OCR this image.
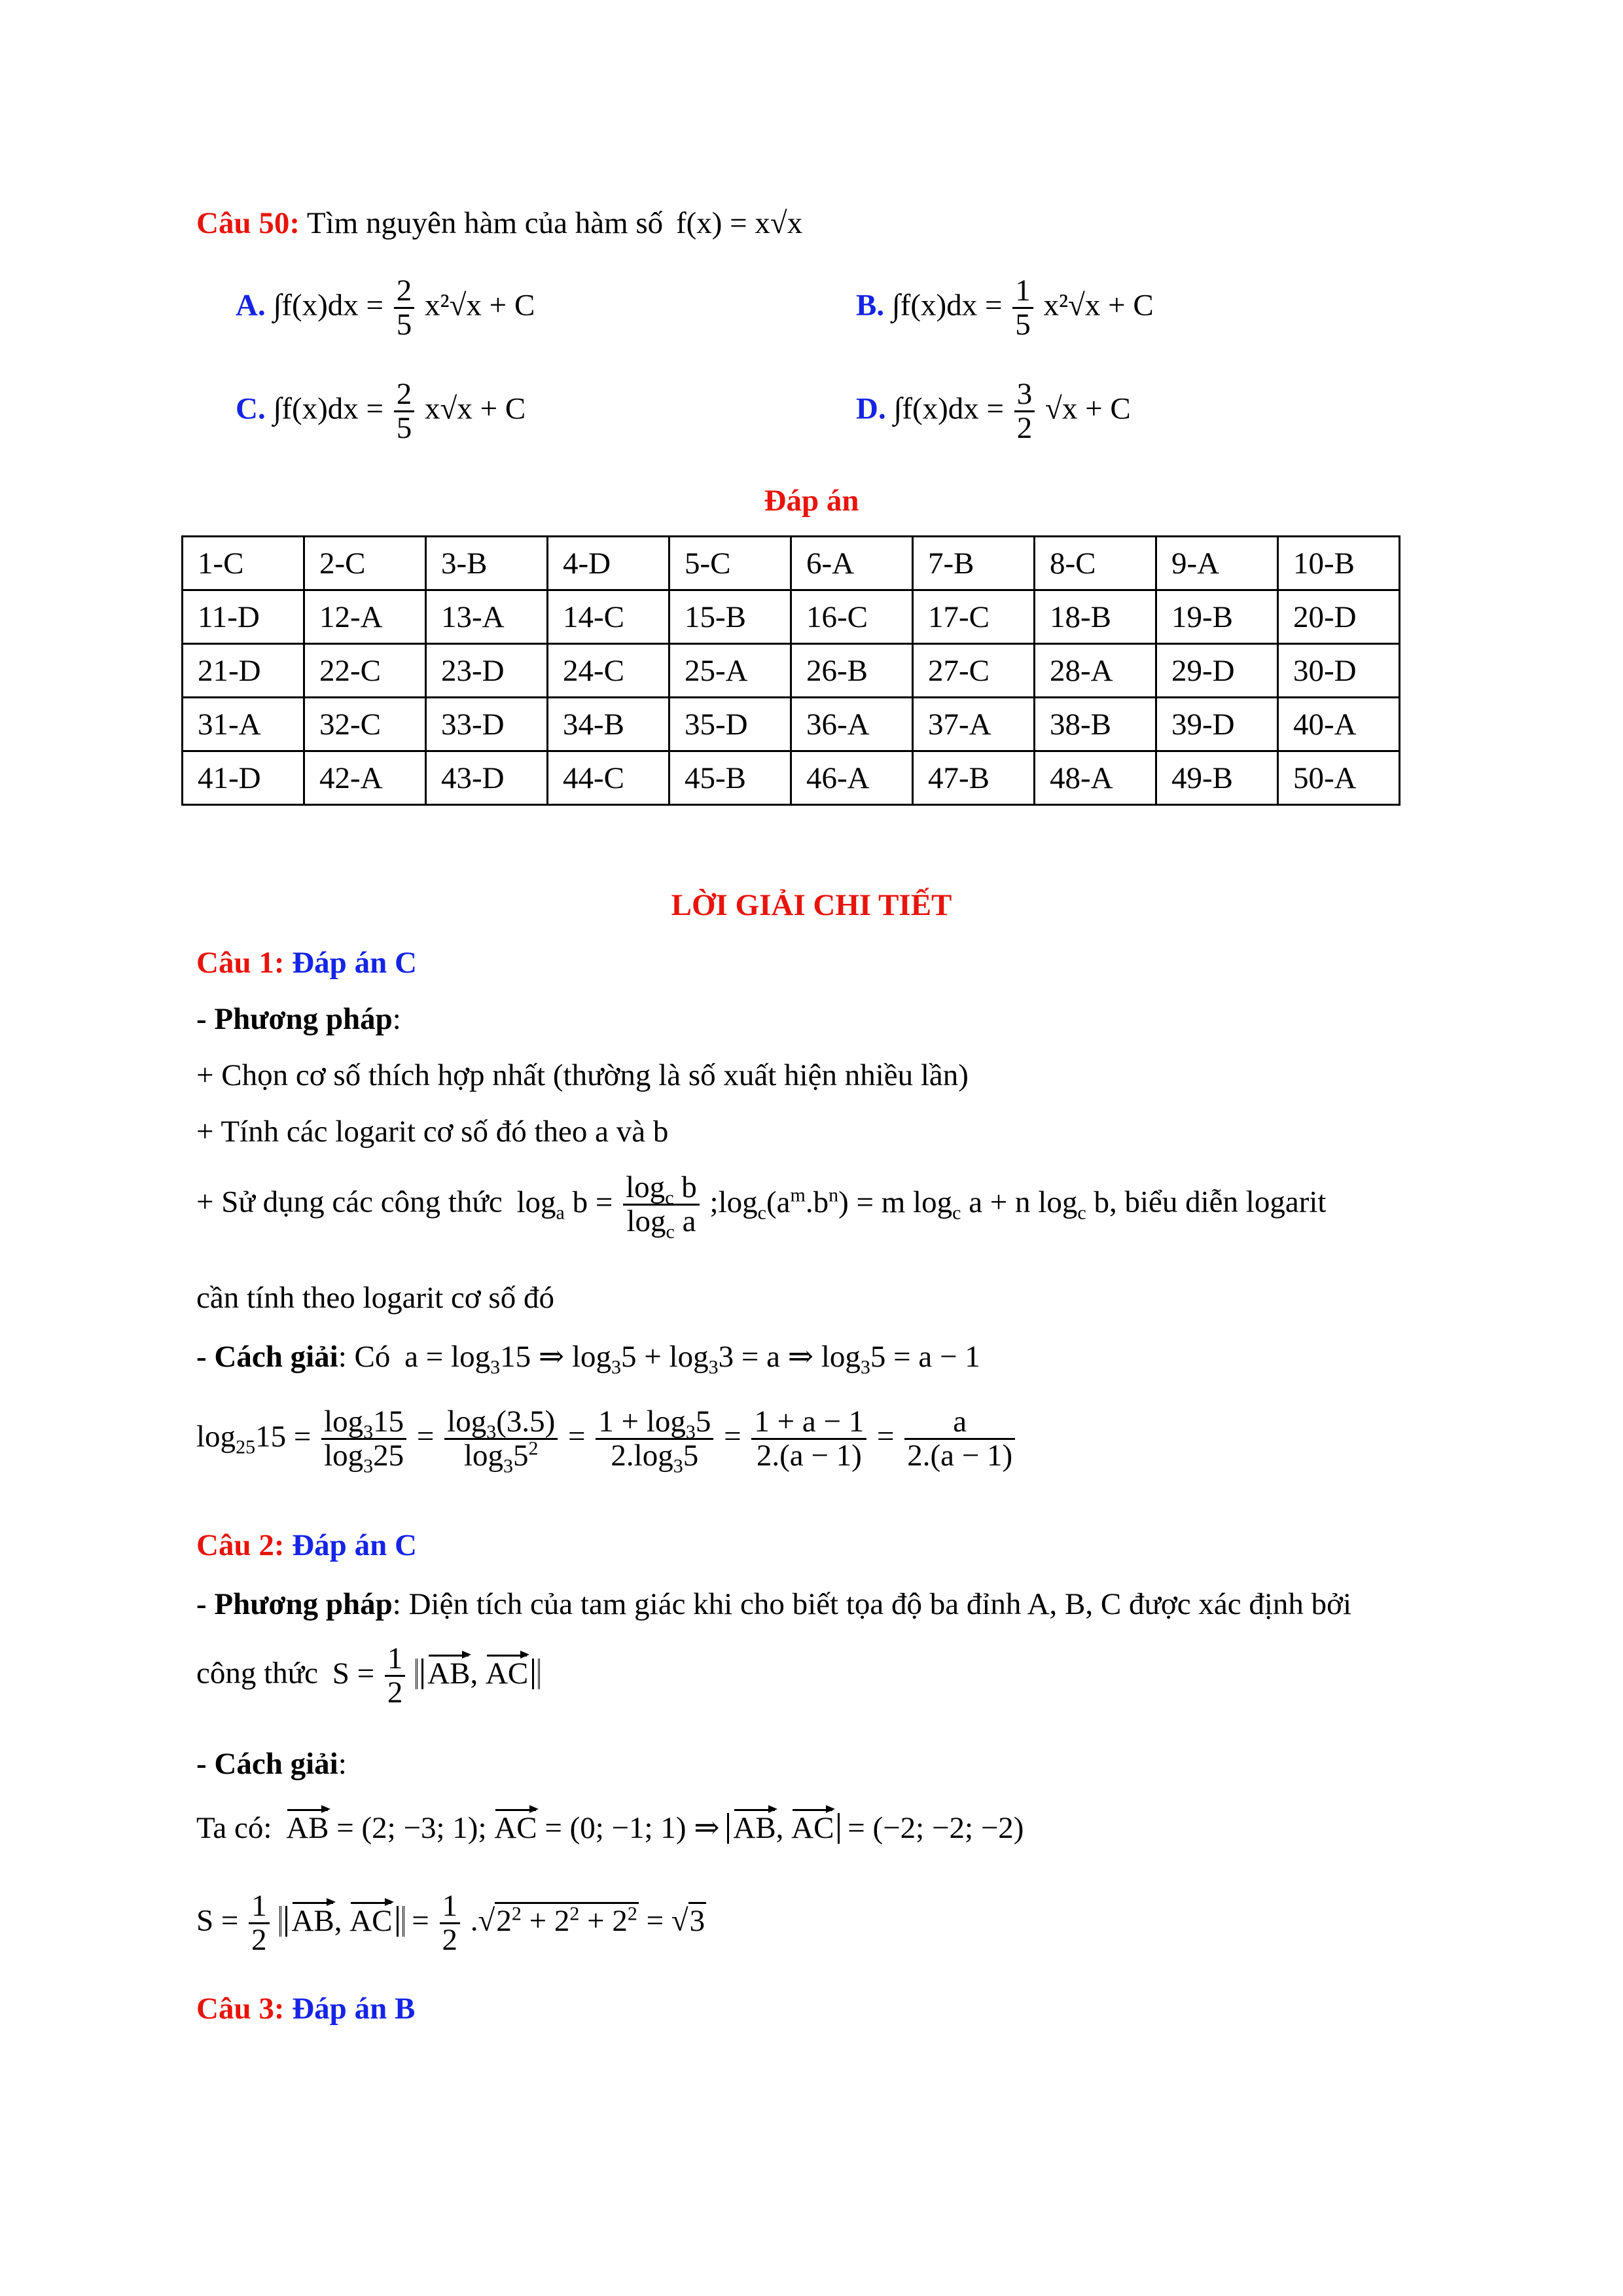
Câu 50: Tìm nguyên hàm của hàm số f(x) = x√x
A. $\int f(x)dx = \frac{2}{5} x^2√x + C$	B. $\int f(x)dx = \frac{1}{5} x^2√x + C$
C. $\int f(x)dx = \frac{2}{5} x√x + C$	D. $\int f(x)dx = \frac{3}{2} √x + C$
Đáp án
1-C	2-C	3-B	4-D	5-C	6-A	7-B	8-C	9-A	10-B
11-D	12-A	13-A	14-C	15-B	16-C	17-C	18-B	19-B	20-D
21-D	22-C	23-D	24-C	25-A	26-B	27-C	28-A	29-D	30-D
31-A	32-C	33-D	34-B	35-D	36-A	37-A	38-B	39-D	40-A
41-D	42-A	43-D	44-C	45-B	46-A	47-B	48-A	49-B	50-A
LỜI GIẢI CHI TIẾT
Câu 1: Đáp án C
- Phương pháp:
+ Chọn cơ số thích hợp nhất (thường là số xuất hiện nhiều lần)
+ Tính các logarit cơ số đó theo a và b
+ Sử dụng các công thức $\log_a b = \frac{\log_c b}{\log_c a}$ $;\log_c(a^m.b^n) = m$ $\log_c a + n$ $\log_c b$, biểu diễn logarit
cần tính theo logarit cơ số đó
- Cách giải: Có $a = \log_315$ ⇒ $\log_35 + \log_33 = a$ ⇒ $\log_35 = a - 1$
$\log_{25}15 = \frac{\log_315}{\log_325} = \frac{\log_3(3.5)}{\log_35^2} = \frac{1 + \log_35}{2.\log_35} = \frac{1 + a - 1}{2.(a - 1)} = \frac{a}{2.(a - 1)}$
Câu 2: Đáp án C
- Phương pháp: Diện tích của tam giác khi cho biết tọa độ ba đỉnh A, B, C được xác định bởi
công thức $S = \frac{1}{2}$ AB, AC
- Cách giải:
Ta có: AB = (2; −3; 1); AC = (0; −1; 1) ⇒ AB, AC = (−2; −2; −2)
$S = \frac{1}{2}$ AB, AC = $\frac{1}{2} .√2^2 + 2^2 + 2^2 = √3$
Câu 3: Đáp án B
